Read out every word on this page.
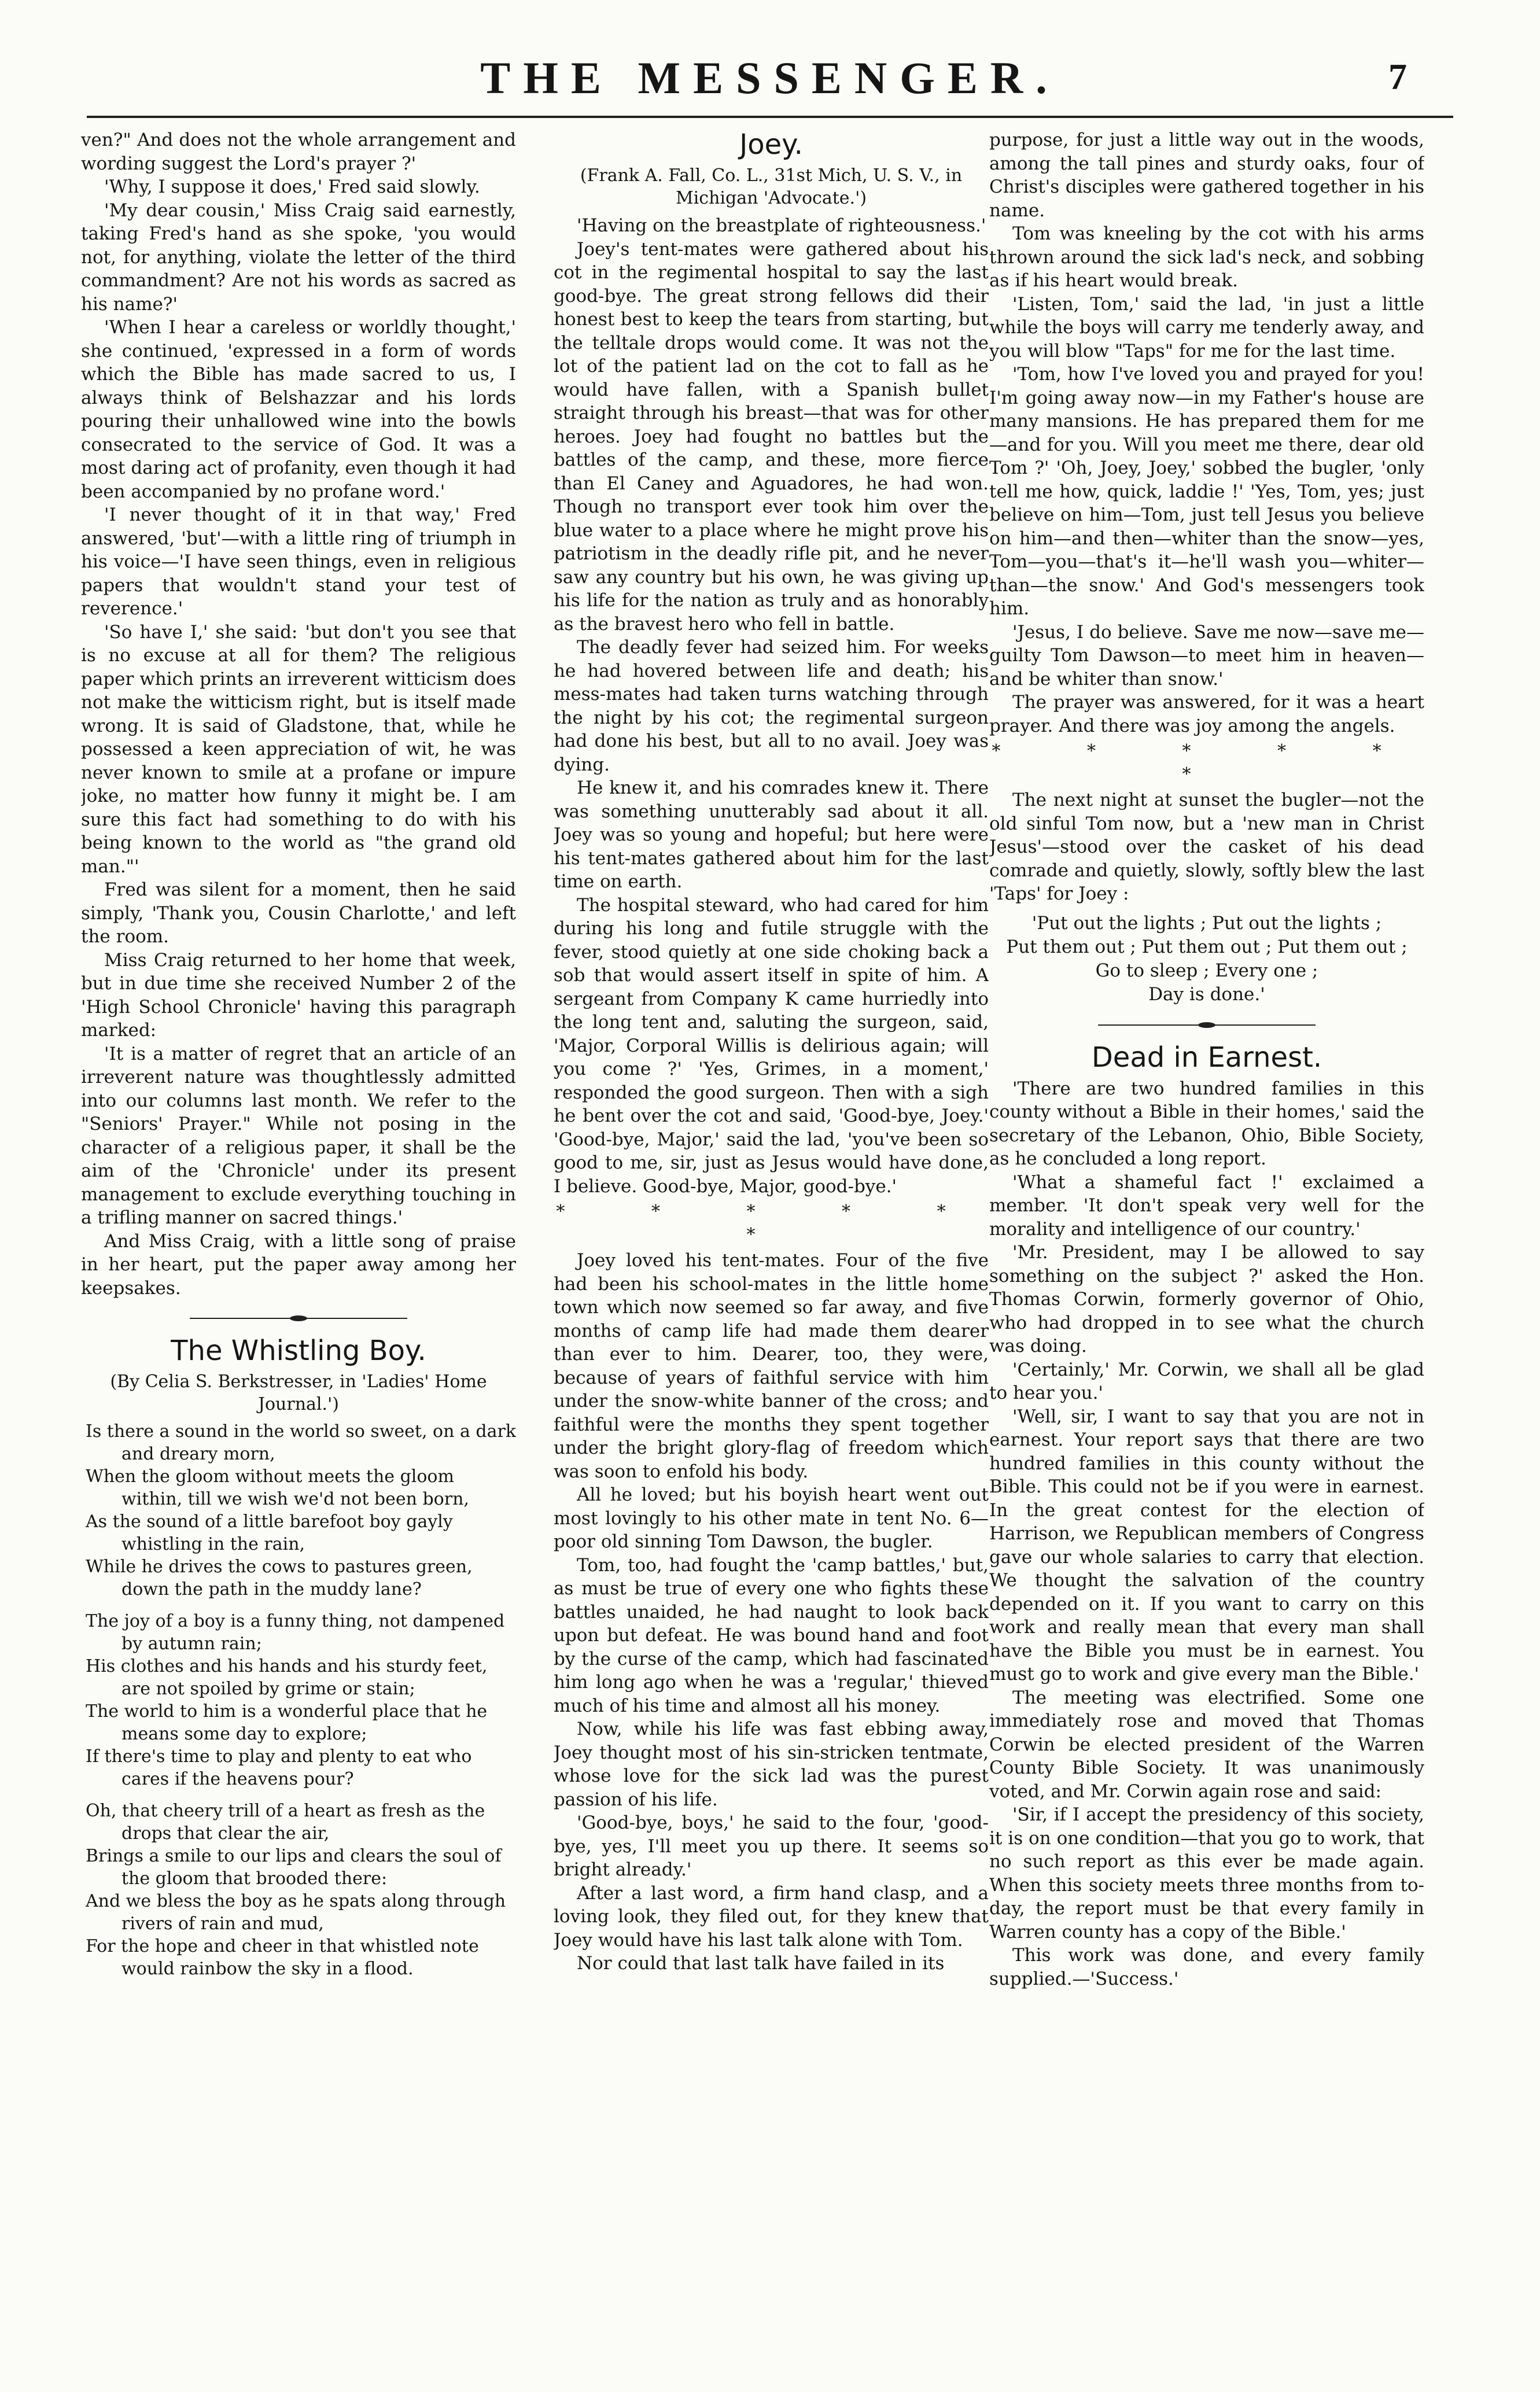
THE MESSENGER.	7

ven?" And does not the whole arrangement and wording suggest the Lord's prayer ?'

'Why, I suppose it does,' Fred said slowly.

'My dear cousin,' Miss Craig said earnestly, taking Fred's hand as she spoke, 'you would not, for anything, violate the letter of the third commandment? Are not his words as sacred as his name?'

'When I hear a careless or worldly thought,' she continued, 'expressed in a form of words which the Bible has made sacred to us, I always think of Belshazzar and his lords pouring their unhallowed wine into the bowls consecrated to the service of God. It was a most daring act of profanity, even though it had been accompanied by no profane word.'

'I never thought of it in that way,' Fred answered, 'but'—with a little ring of triumph in his voice—'I have seen things, even in religious papers that wouldn't stand your test of reverence.'

'So have I,' she said: 'but don't you see that is no excuse at all for them? The religious paper which prints an irreverent witticism does not make the witticism right, but is itself made wrong. It is said of Gladstone, that, while he possessed a keen appreciation of wit, he was never known to smile at a profane or impure joke, no matter how funny it might be. I am sure this fact had something to do with his being known to the world as "the grand old man."'

Fred was silent for a moment, then he said simply, 'Thank you, Cousin Charlotte,' and left the room.

Miss Craig returned to her home that week, but in due time she received Number 2 of the 'High School Chronicle' having this paragraph marked:

'It is a matter of regret that an article of an irreverent nature was thoughtlessly admitted into our columns last month. We refer to the "Seniors' Prayer." While not posing in the character of a religious paper, it shall be the aim of the 'Chronicle' under its present management to exclude everything touching in a trifling manner on sacred things.'

And Miss Craig, with a little song of praise in her heart, put the paper away among her keepsakes.

The Whistling Boy.
(By Celia S. Berkstresser, in 'Ladies' Home Journal.')
Is there a sound in the world so sweet, on a dark and dreary morn,
When the gloom without meets the gloom within, till we wish we'd not been born,
As the sound of a little barefoot boy gayly whistling in the rain,
While he drives the cows to pastures green, down the path in the muddy lane?
The joy of a boy is a funny thing, not dampened by autumn rain;
His clothes and his hands and his sturdy feet, are not spoiled by grime or stain;
The world to him is a wonderful place that he means some day to explore;
If there's time to play and plenty to eat who cares if the heavens pour?
Oh, that cheery trill of a heart as fresh as the drops that clear the air,
Brings a smile to our lips and clears the soul of the gloom that brooded there:
And we bless the boy as he spats along through rivers of rain and mud,
For the hope and cheer in that whistled note would rainbow the sky in a flood.
Joey.
(Frank A. Fall, Co. L., 31st Mich, U. S. V., in Michigan 'Advocate.')

'Having on the breastplate of righteousness.'

Joey's tent-mates were gathered about his cot in the regimental hospital to say the last good-bye. The great strong fellows did their honest best to keep the tears from starting, but the telltale drops would come. It was not the lot of the patient lad on the cot to fall as he would have fallen, with a Spanish bullet straight through his breast—that was for other heroes. Joey had fought no battles but the battles of the camp, and these, more fierce than El Caney and Aguadores, he had won. Though no transport ever took him over the blue water to a place where he might prove his patriotism in the deadly rifle pit, and he never saw any country but his own, he was giving up his life for the nation as truly and as honorably as the bravest hero who fell in battle.

The deadly fever had seized him. For weeks he had hovered between life and death; his mess-mates had taken turns watching through the night by his cot; the regimental surgeon had done his best, but all to no avail. Joey was dying.

He knew it, and his comrades knew it. There was something unutterably sad about it all. Joey was so young and hopeful; but here were his tent-mates gathered about him for the last time on earth.

The hospital steward, who had cared for him during his long and futile struggle with the fever, stood quietly at one side choking back a sob that would assert itself in spite of him. A sergeant from Company K came hurriedly into the long tent and, saluting the surgeon, said, 'Major, Corporal Willis is delirious again; will you come ?' 'Yes, Grimes, in a moment,' responded the good surgeon. Then with a sigh he bent over the cot and said, 'Good-bye, Joey.' 'Good-bye, Major,' said the lad, 'you've been so good to me, sir, just as Jesus would have done, I believe. Good-bye, Major, good-bye.'

* * * * * *

Joey loved his tent-mates. Four of the five had been his school-mates in the little home town which now seemed so far away, and five months of camp life had made them dearer than ever to him. Dearer, too, they were, because of years of faithful service with him under the snow-white banner of the cross; and faithful were the months they spent together under the bright glory-flag of freedom which was soon to enfold his body.

All he loved; but his boyish heart went out most lovingly to his other mate in tent No. 6—poor old sinning Tom Dawson, the bugler.

Tom, too, had fought the 'camp battles,' but, as must be true of every one who fights these battles unaided, he had naught to look back upon but defeat. He was bound hand and foot by the curse of the camp, which had fascinated him long ago when he was a 'regular,' thieved much of his time and almost all his money.

Now, while his life was fast ebbing away, Joey thought most of his sin-stricken tentmate, whose love for the sick lad was the purest passion of his life.

'Good-bye, boys,' he said to the four, 'good-bye, yes, I'll meet you up there. It seems so bright already.'

After a last word, a firm hand clasp, and a loving look, they filed out, for they knew that Joey would have his last talk alone with Tom.

Nor could that last talk have failed in its

purpose, for just a little way out in the woods, among the tall pines and sturdy oaks, four of Christ's disciples were gathered together in his name.

Tom was kneeling by the cot with his arms thrown around the sick lad's neck, and sobbing as if his heart would break.

'Listen, Tom,' said the lad, 'in just a little while the boys will carry me tenderly away, and you will blow "Taps" for me for the last time.

'Tom, how I've loved you and prayed for you! I'm going away now—in my Father's house are many mansions. He has prepared them for me—and for you. Will you meet me there, dear old Tom ?' 'Oh, Joey, Joey,' sobbed the bugler, 'only tell me how, quick, laddie !' 'Yes, Tom, yes; just believe on him—Tom, just tell Jesus you believe on him—and then—whiter than the snow—yes, Tom—you—that's it—he'll wash you—whiter—than—the snow.' And God's messengers took him.

'Jesus, I do believe. Save me now—save me—guilty Tom Dawson—to meet him in heaven—and be whiter than snow.'

The prayer was answered, for it was a heart prayer. And there was joy among the angels.

* * * * * *

The next night at sunset the bugler—not the old sinful Tom now, but a 'new man in Christ Jesus'—stood over the casket of his dead comrade and quietly, slowly, softly blew the last 'Taps' for Joey :

'Put out the lights ; Put out the lights ;
Put them out ; Put them out ; Put them out ;
Go to sleep ; Every one ;
Day is done.'
Dead in Earnest.

'There are two hundred families in this county without a Bible in their homes,' said the secretary of the Lebanon, Ohio, Bible Society, as he concluded a long report.

'What a shameful fact !' exclaimed a member. 'It don't speak very well for the morality and intelligence of our country.'

'Mr. President, may I be allowed to say something on the subject ?' asked the Hon. Thomas Corwin, formerly governor of Ohio, who had dropped in to see what the church was doing.

'Certainly,' Mr. Corwin, we shall all be glad to hear you.'

'Well, sir, I want to say that you are not in earnest. Your report says that there are two hundred families in this county without the Bible. This could not be if you were in earnest. In the great contest for the election of Harrison, we Republican members of Congress gave our whole salaries to carry that election. We thought the salvation of the country depended on it. If you want to carry on this work and really mean that every man shall have the Bible you must be in earnest. You must go to work and give every man the Bible.'

The meeting was electrified. Some one immediately rose and moved that Thomas Corwin be elected president of the Warren County Bible Society. It was unanimously voted, and Mr. Corwin again rose and said:

'Sir, if I accept the presidency of this society, it is on one condition—that you go to work, that no such report as this ever be made again. When this society meets three months from to-day, the report must be that every family in Warren county has a copy of the Bible.'

This work was done, and every family supplied.—'Success.'
